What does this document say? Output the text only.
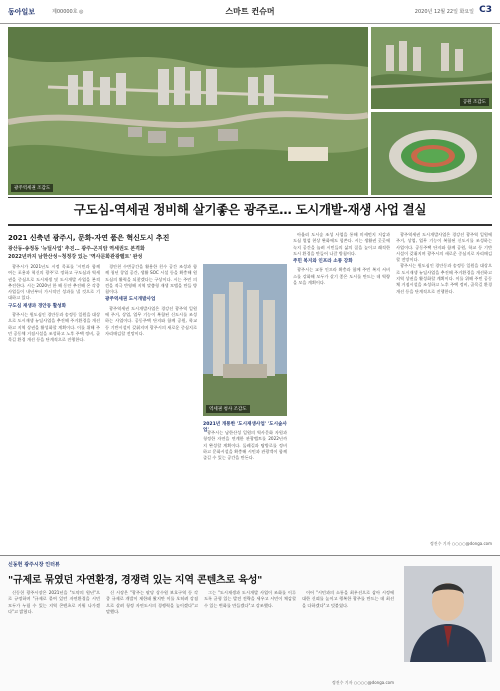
동아일보	제00000호 ◎	스마트 컨슈머	2020년 12월 22일 화요일 C3
광주역세권 조감도
공원 조감도
구도심-역세권 정비해 살기좋은 광주로… 도시개발-재생 사업 결실
2021 신축년 광주시, 문화-자연 품은 혁신도시 추진
광산동-송정동 '뉴딜사업' 추진… 광주-곤지암 역세권도 본격화
2022년까지 남한산성~청정강 있는 '역사문화관광벨트' 완성

광주시가 2021년도 시정 목표를 '시민과 함께 여는 포용과 혁신의 광주'로 정하고 구도심과 역세권을 중심으로 도시재생 및 도시개발 사업을 본격 추진한다. 시는 2020년 한 해 동안 추진해 온 각종 사업들이 내년부터 가시적인 성과를 낼 것으로 기대하고 있다.

구도심 재생과 경안동 활성화

광주시는 원도심인 경안동과 송정동 일원을 대상으로 도시재생 뉴딜사업을 추진해 주거환경을 개선하고 지역 상권을 활성화할 계획이다. 이를 위해 주민 공동체 거점시설을 조성하고 노후 주택 정비, 골목길 환경 개선 등을 단계적으로 진행한다.

경안천 수변공간을 활용한 친수 공간 조성과 함께 청년 창업 공간, 생활 SOC 시설 등을 확충해 원도심의 활력을 되찾겠다는 구상이다. 시는 주민 의견을 적극 반영해 지역 맞춤형 재생 모델을 만들 방침이다.

광주역세권 도시개발사업

광주역세권 도시개발사업은 경강선 광주역 일원에 주거, 상업, 업무 기능이 복합된 신도시를 조성하는 사업이다. 공동주택 단지와 함께 공원, 학교 등 기반시설이 갖춰지며 광주시의 새로운 중심지로 자리매김할 전망이다.

역세권 청사 조감도
2021년 개통한 '도시재생사업' '도시숲사업'

광주시는 남한산성 일원의 역사문화 자원과 청정한 자연을 연계한 관광벨트를 2022년까지 완성할 계획이다. 둘레길과 탐방로를 정비하고 문화시설을 확충해 시민과 관광객이 함께 즐길 수 있는 공간을 만든다.

아울러 도시숲 조성 사업을 통해 미세먼지 저감과 도심 열섬 현상 완화에도 힘쓴다. 시는 생활권 곳곳에 녹지 공간을 늘려 시민들의 삶의 질을 높이고 쾌적한 도시 환경을 만들어 나갈 방침이다.

주민 복지와 인프라 소통 강화

광주시는 교통 인프라 확충과 함께 주민 복지 서비스를 강화해 모두가 살기 좋은 도시를 만드는 데 역량을 모을 계획이다.

광주역세권 도시개발사업은 경강선 광주역 일원에 주거, 상업, 업무 기능이 복합된 신도시를 조성하는 사업이다. 공동주택 단지와 함께 공원, 학교 등 기반시설이 갖춰지며 광주시의 새로운 중심지로 자리매김할 전망이다.

광주시는 원도심인 경안동과 송정동 일원을 대상으로 도시재생 뉴딜사업을 추진해 주거환경을 개선하고 지역 상권을 활성화할 계획이다. 이를 위해 주민 공동체 거점시설을 조성하고 노후 주택 정비, 골목길 환경 개선 등을 단계적으로 진행한다.

정진수 기자 ○○○○@donga.com
신동헌 광주시장 인터뷰
"규제로 묶였던 자연환경, 경쟁력 있는 지역 콘텐츠로 육성"

신동헌 광주시장은 2021년을 "도약의 원년"으로 규정하며 "규제로 묶여 있던 자연환경을 시민 모두가 누릴 수 있는 지역 콘텐츠로 키워 나가겠다"고 밝혔다.

신 시장은 "광주는 팔당 상수원 보호구역 등 각종 규제로 개발이 제한돼 왔지만 이를 오히려 강점으로 살려 청정 자연도시의 경쟁력을 높이겠다"고 말했다.

그는 "도시재생과 도시개발 사업이 조화를 이루도록 균형 있는 발전 전략을 세우고 시민이 체감할 수 있는 변화를 만들겠다"고 강조했다.

이어 "시민과의 소통을 최우선으로 삼아 시정에 대한 신뢰를 높이고 행복한 광주를 만드는 데 최선을 다하겠다"고 덧붙였다.

정진수 기자 ○○○○@donga.com
